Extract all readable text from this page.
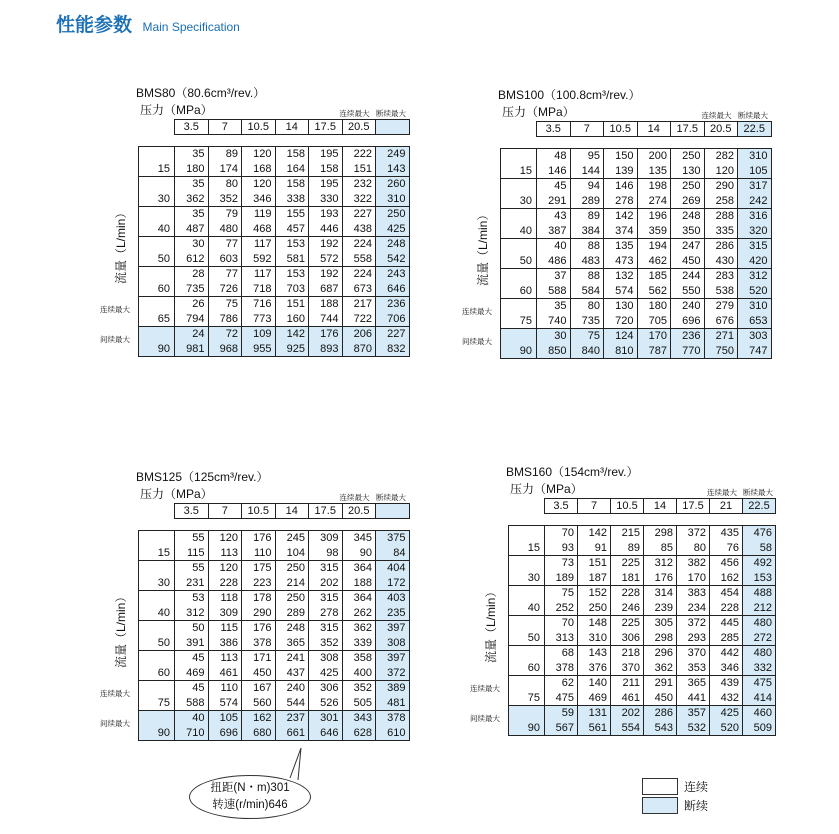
性能参数 Main Specification
BMS80（80.6cm³/rev.）
压力（MPa）	连续最大 断续最大
3.5	7	10.5	14	17.5	20.5	
15	35	89	120	158	195	222	249
	180	174	168	164	158	151	143
30	35	80	120	158	195	232	260
	362	352	346	338	330	322	310
40	35	79	119	155	193	227	250
	487	480	468	457	446	438	425
50	30	77	117	153	192	224	248
	612	603	592	581	572	558	542
60	28	77	117	153	192	224	243
	735	726	718	703	687	673	646
65	26	75	716	151	188	217	236
	794	786	773	160	744	722	706
90	24	72	109	142	176	206	227
	981	968	955	925	893	870	832
流量（L/min）
连续最大
间续最大
BMS100（100.8cm³/rev.）
压力（MPa）	连续最大 断续最大
3.5	7	10.5	14	17.5	20.5	22.5
15	48	95	150	200	250	282	310
	146	144	139	135	130	120	105
30	45	94	146	198	250	290	317
	291	289	278	274	269	258	242
40	43	89	142	196	248	288	316
	387	384	374	359	350	335	320
50	40	88	135	194	247	286	315
	486	483	473	462	450	430	420
60	37	88	132	185	244	283	312
	588	584	574	562	550	538	520
75	35	80	130	180	240	279	310
	740	735	720	705	696	676	653
90	30	75	124	170	236	271	303
	850	840	810	787	770	750	747
流量（L/min）
连续最大
间续最大
BMS125（125cm³/rev.）
压力（MPa）	连续最大 断续最大
3.5	7	10.5	14	17.5	20.5	
15	55	120	176	245	309	345	375
	115	113	110	104	98	90	84
30	55	120	175	250	315	364	404
	231	228	223	214	202	188	172
40	53	118	178	250	315	364	403
	312	309	290	289	278	262	235
50	50	115	176	248	315	362	397
	391	386	378	365	352	339	308
60	45	113	171	241	308	358	397
	469	461	450	437	425	400	372
75	45	110	167	240	306	352	389
	588	574	560	544	526	505	481
90	40	105	162	237	301	343	378
	710	696	680	661	646	628	610
流量（L/min）
连续最大
间续最大
BMS160（154cm³/rev.）
压力（MPa）	连续最大 断续最大
3.5	7	10.5	14	17.5	21	22.5
15	70	142	215	298	372	435	476
	93	91	89	85	80	76	58
30	73	151	225	312	382	456	492
	189	187	181	176	170	162	153
40	75	152	228	314	383	454	488
	252	250	246	239	234	228	212
50	70	148	225	305	372	445	480
	313	310	306	298	293	285	272
60	68	143	218	296	370	442	480
	378	376	370	362	353	346	332
75	62	140	211	291	365	439	475
	475	469	461	450	441	432	414
90	59	131	202	286	357	425	460
	567	561	554	543	532	520	509
流量（L/min）
连续最大
间续最大
扭距(N・m)301
转速(r/min)646
连续
断续
